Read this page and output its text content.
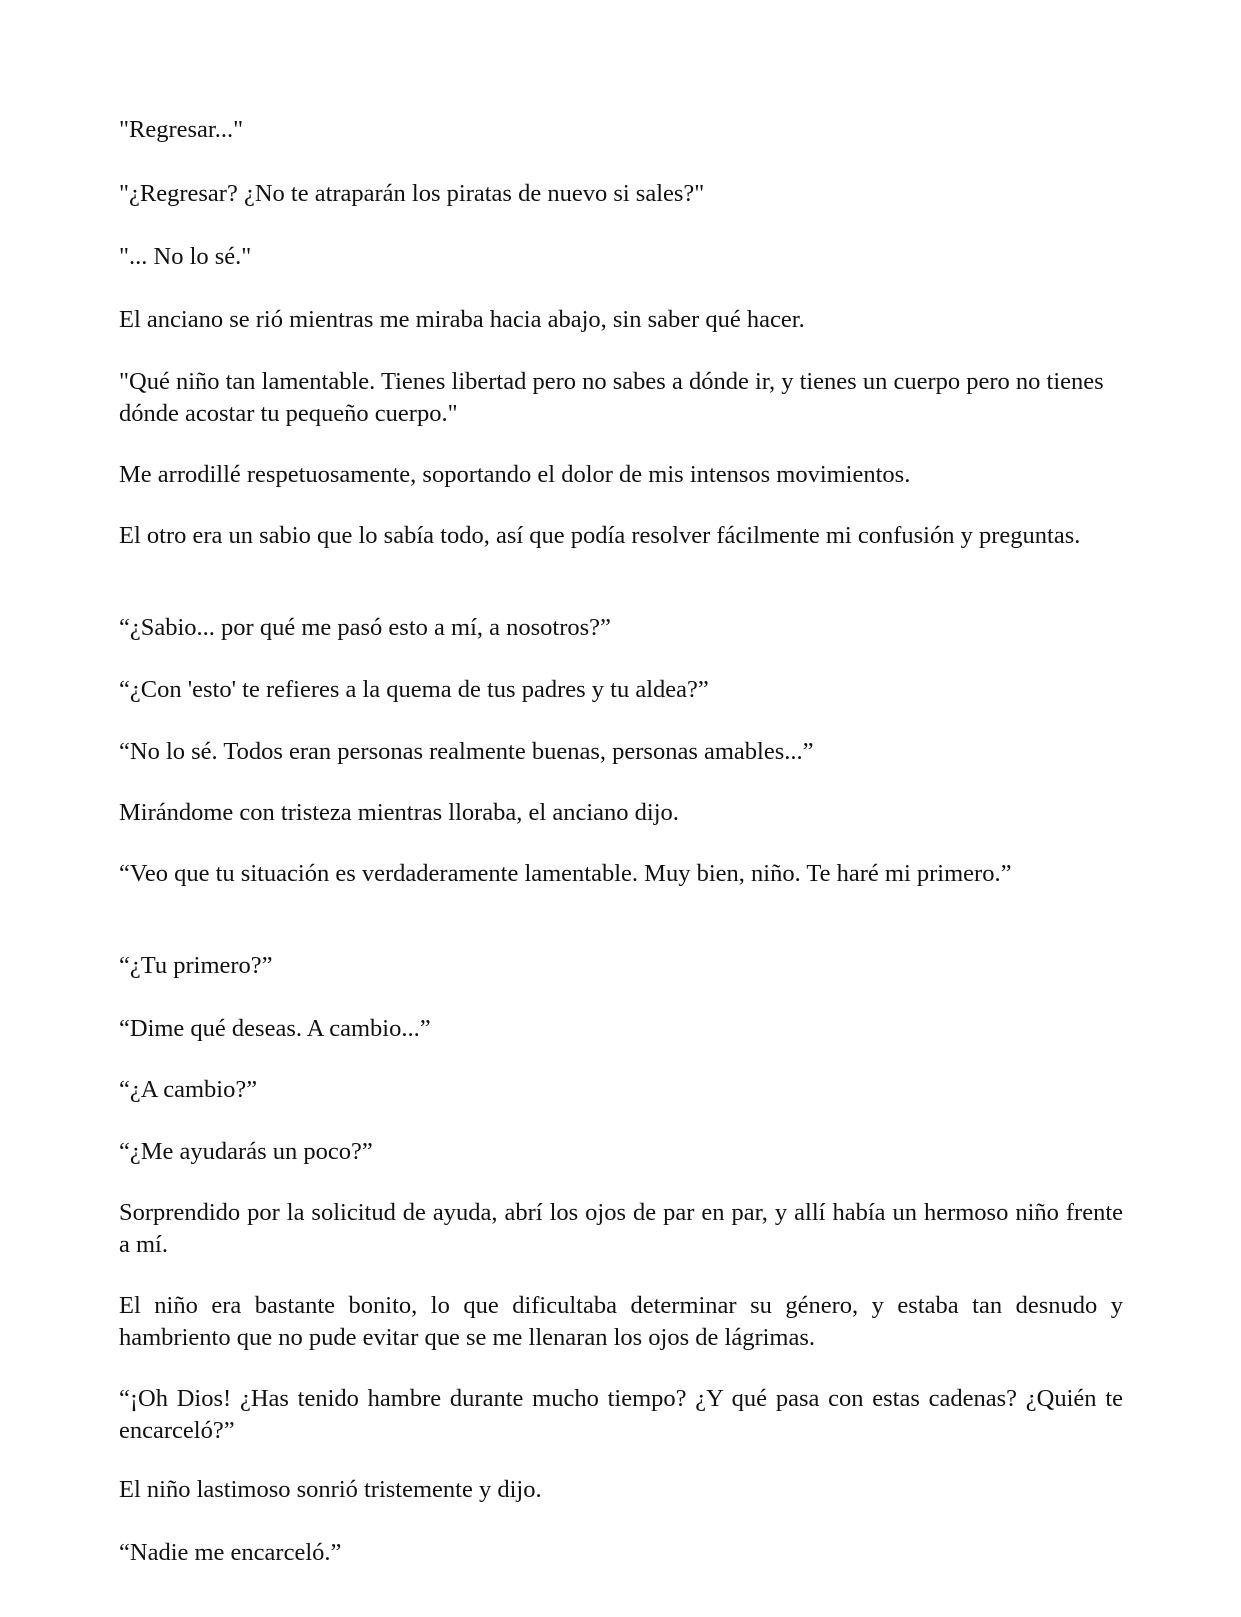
"Regresar..."

"¿Regresar? ¿No te atraparán los piratas de nuevo si sales?"

"... No lo sé."

El anciano se rió mientras me miraba hacia abajo, sin saber qué hacer.

"Qué niño tan lamentable. Tienes libertad pero no sabes a dónde ir, y tienes un cuerpo pero no tienes dónde acostar tu pequeño cuerpo."

Me arrodillé respetuosamente, soportando el dolor de mis intensos movimientos.

El otro era un sabio que lo sabía todo, así que podía resolver fácilmente mi confusión y preguntas.

“¿Sabio... por qué me pasó esto a mí, a nosotros?”

“¿Con 'esto' te refieres a la quema de tus padres y tu aldea?”

“No lo sé. Todos eran personas realmente buenas, personas amables...”

Mirándome con tristeza mientras lloraba, el anciano dijo.

“Veo que tu situación es verdaderamente lamentable. Muy bien, niño. Te haré mi primero.”

“¿Tu primero?”

“Dime qué deseas. A cambio...”

“¿A cambio?”

“¿Me ayudarás un poco?”

Sorprendido por la solicitud de ayuda, abrí los ojos de par en par, y allí había un hermoso niño frente a mí.

El niño era bastante bonito, lo que dificultaba determinar su género, y estaba tan desnudo y hambriento que no pude evitar que se me llenaran los ojos de lágrimas.

“¡Oh Dios! ¿Has tenido hambre durante mucho tiempo? ¿Y qué pasa con estas cadenas? ¿Quién te encarceló?”

El niño lastimoso sonrió tristemente y dijo.

“Nadie me encarceló.”
